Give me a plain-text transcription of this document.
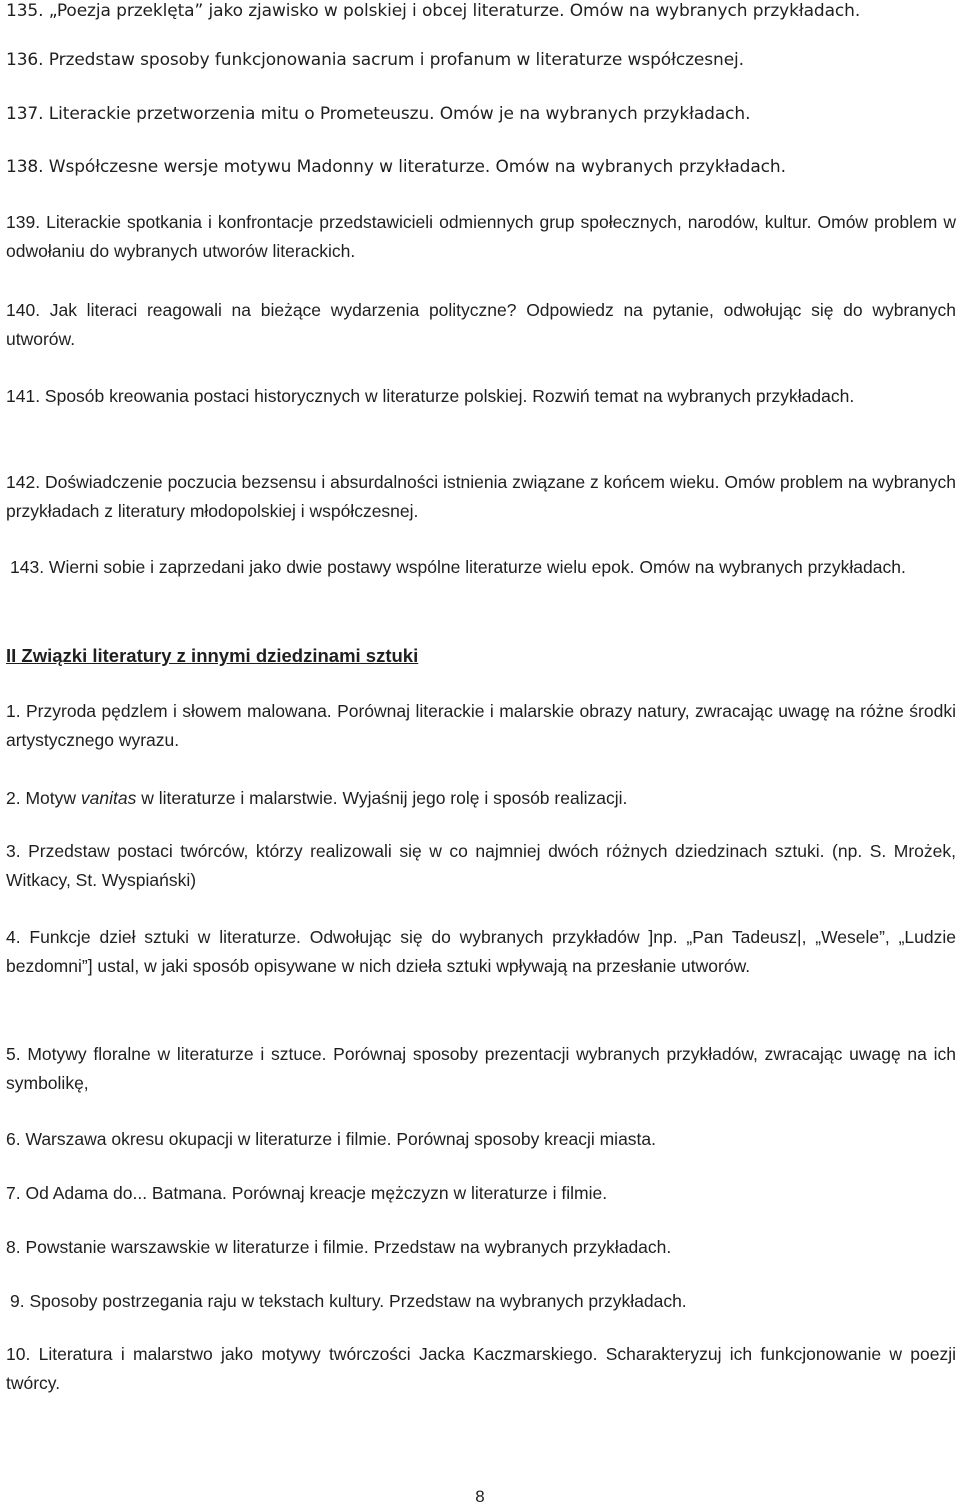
135. „Poezja przeklęta” jako zjawisko w polskiej i obcej literaturze. Omów na wybranych przykładach.

136. Przedstaw sposoby funkcjonowania sacrum i profanum w literaturze współczesnej.

137. Literackie przetworzenia mitu o Prometeuszu. Omów je na wybranych przykładach.

138. Współczesne wersje motywu Madonny w literaturze. Omów na wybranych przykładach.

139. Literackie spotkania i konfrontacje przedstawicieli odmiennych grup społecznych, narodów, kultur. Omów problem w odwołaniu do wybranych utworów literackich.

140. Jak literaci reagowali na bieżące wydarzenia polityczne? Odpowiedz na pytanie, odwołując się do wybranych utworów.

141. Sposób kreowania postaci historycznych w literaturze polskiej. Rozwiń temat na wybranych przykładach.

142. Doświadczenie poczucia bezsensu i absurdalności istnienia związane z końcem wieku. Omów problem na wybranych przykładach z literatury młodopolskiej i współczesnej.

143. Wierni sobie i zaprzedani jako dwie postawy wspólne literaturze wielu epok. Omów na wybranych przykładach.

II Związki literatury z innymi dziedzinami sztuki

1. Przyroda pędzlem i słowem malowana. Porównaj literackie i malarskie obrazy natury, zwracając uwagę na różne środki artystycznego wyrazu.

2. Motyw vanitas w literaturze i malarstwie. Wyjaśnij jego rolę i sposób realizacji.

3. Przedstaw postaci twórców, którzy realizowali się w co najmniej dwóch różnych dziedzinach sztuki. (np. S. Mrożek, Witkacy, St. Wyspiański)

4. Funkcje dzieł sztuki w literaturze. Odwołując się do wybranych przykładów ]np. „Pan Tadeusz|, „Wesele”, „Ludzie bezdomni”] ustal, w jaki sposób opisywane w nich dzieła sztuki wpływają na przesłanie utworów.

5. Motywy floralne w literaturze i sztuce. Porównaj sposoby prezentacji wybranych przykładów, zwracając uwagę na ich symbolikę,

6. Warszawa okresu okupacji w literaturze i filmie. Porównaj sposoby kreacji miasta.

7. Od Adama do... Batmana. Porównaj kreacje mężczyzn w literaturze i filmie.

8. Powstanie warszawskie w literaturze i filmie. Przedstaw na wybranych przykładach.

9. Sposoby postrzegania raju w tekstach kultury. Przedstaw na wybranych przykładach.

10. Literatura i malarstwo jako motywy twórczości Jacka Kaczmarskiego. Scharakteryzuj ich funkcjonowanie w poezji twórcy.

8
